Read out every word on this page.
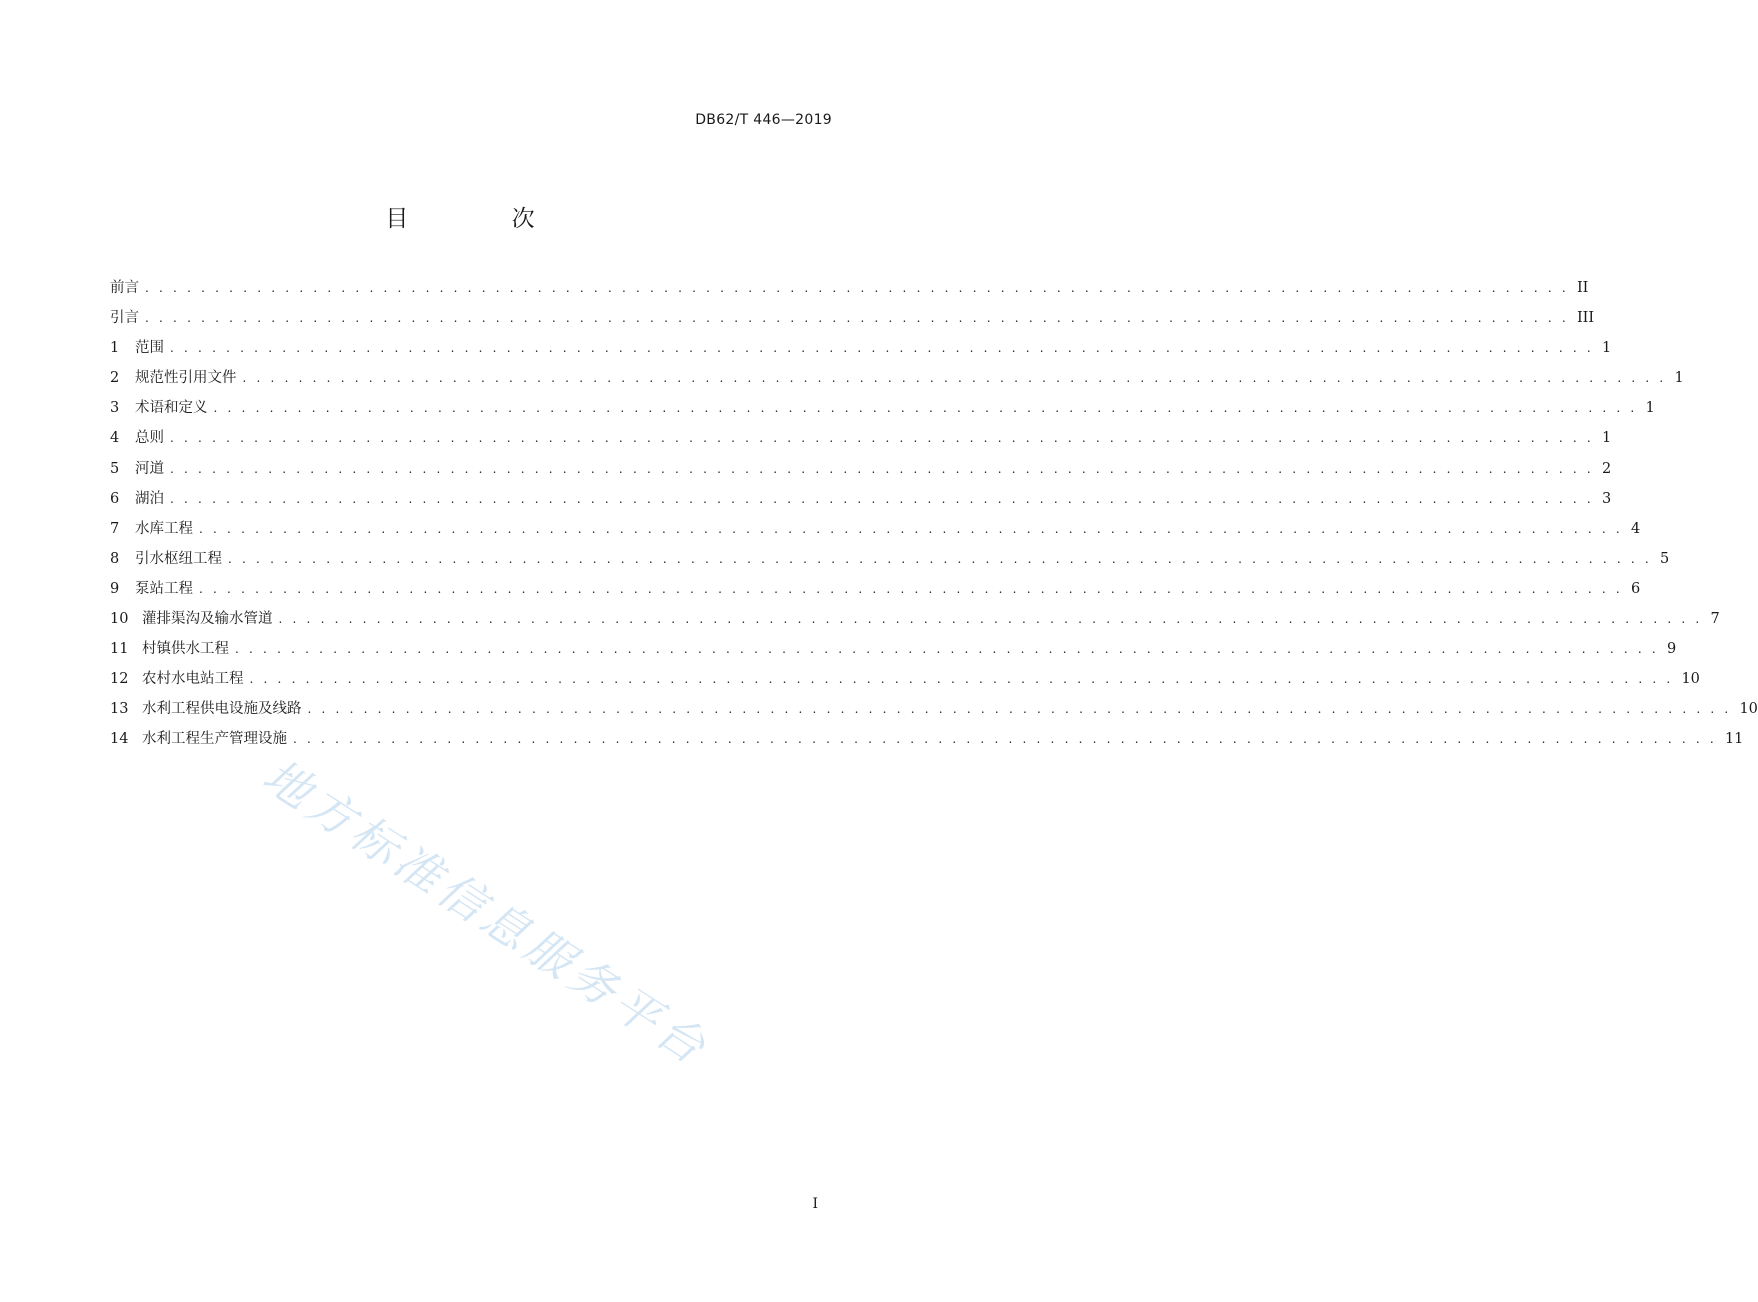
DB62/T 446—2019
目 次
前言 . . . . . . . . . . . . . . . . . . . . . . . . . . . . . . . . . . . . . . . . . . . . . . . . . . . . . . . . . . . . . . . . . . . . . . . . . . . . . . . . . . . . . . . . . . . . . . . . . . . . . . II
引言 . . . . . . . . . . . . . . . . . . . . . . . . . . . . . . . . . . . . . . . . . . . . . . . . . . . . . . . . . . . . . . . . . . . . . . . . . . . . . . . . . . . . . . . . . . . . . . . . . . . . . . III
1	范围 . . . . . . . . . . . . . . . . . . . . . . . . . . . . . . . . . . . . . . . . . . . . . . . . . . . . . . . . . . . . . . . . . . . . . . . . . . . . . . . . . . . . . . . . . . . . . . . . . . . . . . 1
2	规范性引用文件 . . . . . . . . . . . . . . . . . . . . . . . . . . . . . . . . . . . . . . . . . . . . . . . . . . . . . . . . . . . . . . . . . . . . . . . . . . . . . . . . . . . . . . . . . . . . . . . . . . . . . . 1
3	术语和定义 . . . . . . . . . . . . . . . . . . . . . . . . . . . . . . . . . . . . . . . . . . . . . . . . . . . . . . . . . . . . . . . . . . . . . . . . . . . . . . . . . . . . . . . . . . . . . . . . . . . . . . 1
4	总则 . . . . . . . . . . . . . . . . . . . . . . . . . . . . . . . . . . . . . . . . . . . . . . . . . . . . . . . . . . . . . . . . . . . . . . . . . . . . . . . . . . . . . . . . . . . . . . . . . . . . . . 1
5	河道 . . . . . . . . . . . . . . . . . . . . . . . . . . . . . . . . . . . . . . . . . . . . . . . . . . . . . . . . . . . . . . . . . . . . . . . . . . . . . . . . . . . . . . . . . . . . . . . . . . . . . . 2
6	湖泊 . . . . . . . . . . . . . . . . . . . . . . . . . . . . . . . . . . . . . . . . . . . . . . . . . . . . . . . . . . . . . . . . . . . . . . . . . . . . . . . . . . . . . . . . . . . . . . . . . . . . . . 3
7	水库工程 . . . . . . . . . . . . . . . . . . . . . . . . . . . . . . . . . . . . . . . . . . . . . . . . . . . . . . . . . . . . . . . . . . . . . . . . . . . . . . . . . . . . . . . . . . . . . . . . . . . . . . 4
8	引水枢纽工程 . . . . . . . . . . . . . . . . . . . . . . . . . . . . . . . . . . . . . . . . . . . . . . . . . . . . . . . . . . . . . . . . . . . . . . . . . . . . . . . . . . . . . . . . . . . . . . . . . . . . . . 5
9	泵站工程 . . . . . . . . . . . . . . . . . . . . . . . . . . . . . . . . . . . . . . . . . . . . . . . . . . . . . . . . . . . . . . . . . . . . . . . . . . . . . . . . . . . . . . . . . . . . . . . . . . . . . . 6
10 灌排渠沟及输水管道 . . . . . . . . . . . . . . . . . . . . . . . . . . . . . . . . . . . . . . . . . . . . . . . . . . . . . . . . . . . . . . . . . . . . . . . . . . . . . . . . . . . . . . . . . . . . . . . . . . . . . . 7
11 村镇供水工程 . . . . . . . . . . . . . . . . . . . . . . . . . . . . . . . . . . . . . . . . . . . . . . . . . . . . . . . . . . . . . . . . . . . . . . . . . . . . . . . . . . . . . . . . . . . . . . . . . . . . . . 9
12 农村水电站工程 . . . . . . . . . . . . . . . . . . . . . . . . . . . . . . . . . . . . . . . . . . . . . . . . . . . . . . . . . . . . . . . . . . . . . . . . . . . . . . . . . . . . . . . . . . . . . . . . . . . . . . 10
13 水利工程供电设施及线路 . . . . . . . . . . . . . . . . . . . . . . . . . . . . . . . . . . . . . . . . . . . . . . . . . . . . . . . . . . . . . . . . . . . . . . . . . . . . . . . . . . . . . . . . . . . . . . . . . . . . . . 10
14 水利工程生产管理设施 . . . . . . . . . . . . . . . . . . . . . . . . . . . . . . . . . . . . . . . . . . . . . . . . . . . . . . . . . . . . . . . . . . . . . . . . . . . . . . . . . . . . . . . . . . . . . . . . . . . . . . 11
地方标准信息服务平台
I
